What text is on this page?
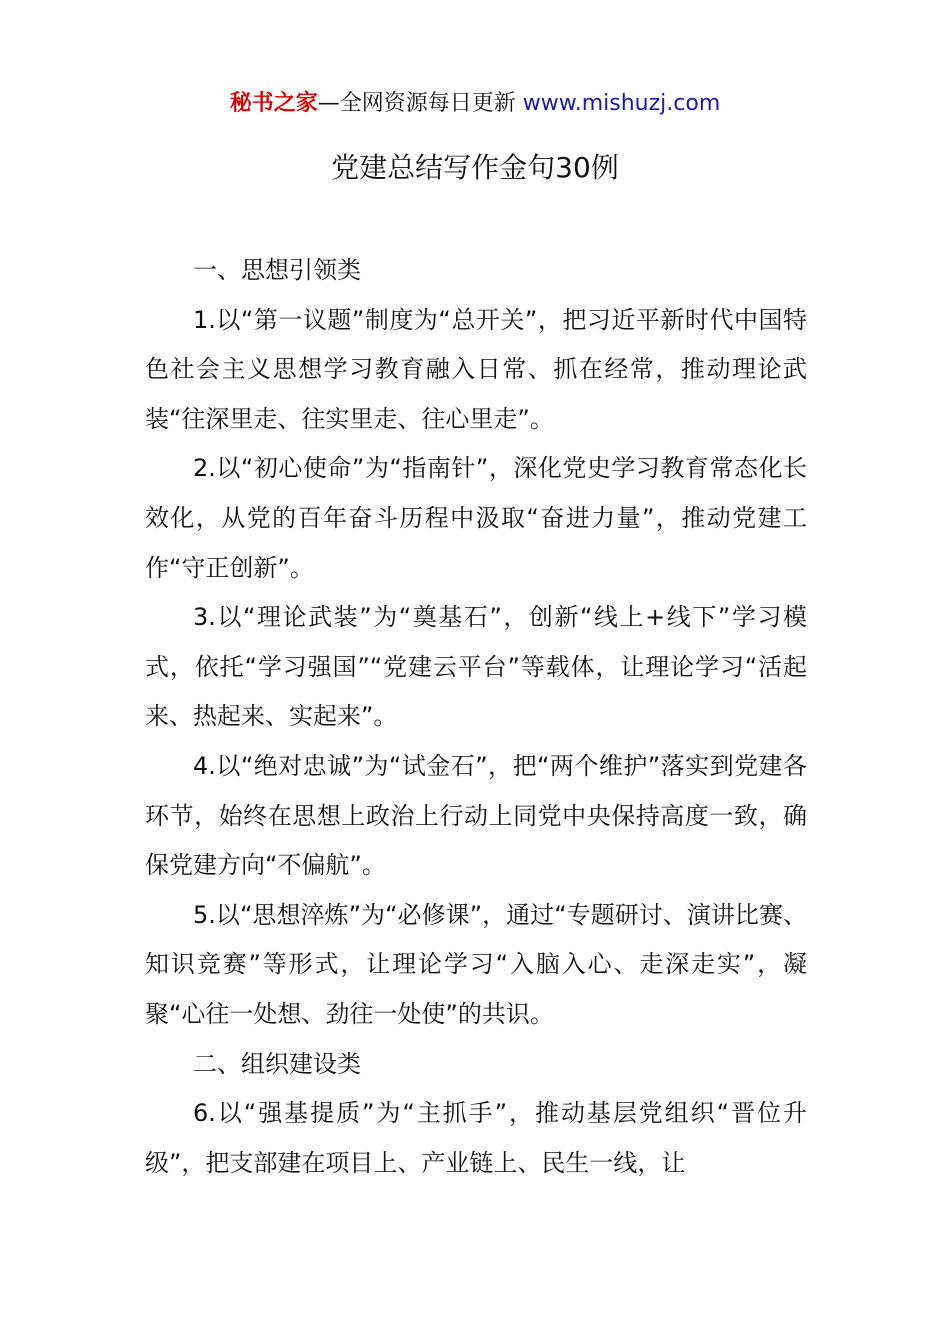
秘书之家—全网资源每日更新 www.mishuzj.com
党建总结写作金句30例

一、思想引领类

1.以“第一议题”制度为“总开关”，把习近平新时代中国特色社会主义思想学习教育融入日常、抓在经常，推动理论武装“往深里走、往实里走、往心里走”。

2.以“初心使命”为“指南针”，深化党史学习教育常态化长效化，从党的百年奋斗历程中汲取“奋进力量”，推动党建工作“守正创新”。

3.以“理论武装”为“奠基石”，创新“线上+线下”学习模式，依托“学习强国”“党建云平台”等载体，让理论学习“活起来、热起来、实起来”。

4.以“绝对忠诚”为“试金石”，把“两个维护”落实到党建各环节，始终在思想上政治上行动上同党中央保持高度一致，确保党建方向“不偏航”。

5.以“思想淬炼”为“必修课”，通过“专题研讨、演讲比赛、知识竞赛”等形式，让理论学习“入脑入心、走深走实”，凝聚“心往一处想、劲往一处使”的共识。

二、组织建设类

6.以“强基提质”为“主抓手”，推动基层党组织“晋位升级”，把支部建在项目上、产业链上、民生一线，让
